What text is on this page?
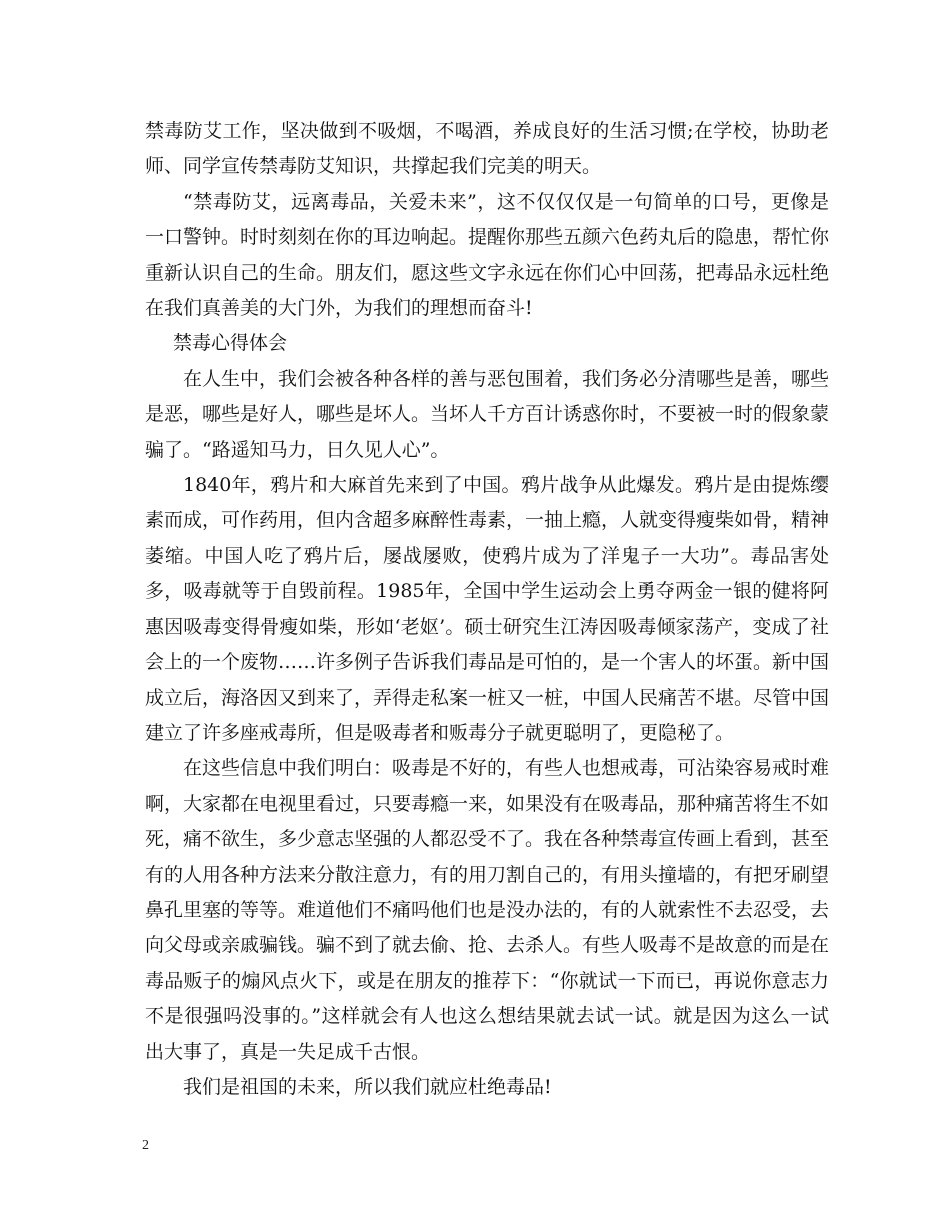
禁毒防艾工作，坚决做到不吸烟，不喝酒，养成良好的生活习惯;在学校，协助老师、同学宣传禁毒防艾知识，共撑起我们完美的明天。

“禁毒防艾，远离毒品，关爱未来”，这不仅仅仅是一句简单的口号，更像是一口警钟。时时刻刻在你的耳边响起。提醒你那些五颜六色药丸后的隐患，帮忙你重新认识自己的生命。朋友们，愿这些文字永远在你们心中回荡，把毒品永远杜绝在我们真善美的大门外，为我们的理想而奋斗!

禁毒心得体会

在人生中，我们会被各种各样的善与恶包围着，我们务必分清哪些是善，哪些是恶，哪些是好人，哪些是坏人。当坏人千方百计诱惑你时，不要被一时的假象蒙骗了。“路遥知马力，日久见人心”。

1840年，鸦片和大麻首先来到了中国。鸦片战争从此爆发。鸦片是由提炼缨素而成，可作药用，但内含超多麻醉性毒素，一抽上瘾，人就变得瘦柴如骨，精神萎缩。中国人吃了鸦片后，屡战屡败，使鸦片成为了洋鬼子一大功”。毒品害处多，吸毒就等于自毁前程。1985年，全国中学生运动会上勇夺两金一银的健将阿惠因吸毒变得骨瘦如柴，形如‘老妪’。硕士研究生江涛因吸毒倾家荡产，变成了社会上的一个废物……许多例子告诉我们毒品是可怕的，是一个害人的坏蛋。新中国成立后，海洛因又到来了，弄得走私案一桩又一桩，中国人民痛苦不堪。尽管中国建立了许多座戒毒所，但是吸毒者和贩毒分子就更聪明了，更隐秘了。

在这些信息中我们明白：吸毒是不好的，有些人也想戒毒，可沾染容易戒时难啊，大家都在电视里看过，只要毒瘾一来，如果没有在吸毒品，那种痛苦将生不如死，痛不欲生，多少意志坚强的人都忍受不了。我在各种禁毒宣传画上看到，甚至有的人用各种方法来分散注意力，有的用刀割自己的，有用头撞墙的，有把牙刷望鼻孔里塞的等等。难道他们不痛吗他们也是没办法的，有的人就索性不去忍受，去向父母或亲戚骗钱。骗不到了就去偷、抢、去杀人。有些人吸毒不是故意的而是在毒品贩子的煽风点火下，或是在朋友的推荐下：“你就试一下而已，再说你意志力不是很强吗没事的。”这样就会有人也这么想结果就去试一试。就是因为这么一试出大事了，真是一失足成千古恨。

我们是祖国的未来，所以我们就应杜绝毒品!

2
